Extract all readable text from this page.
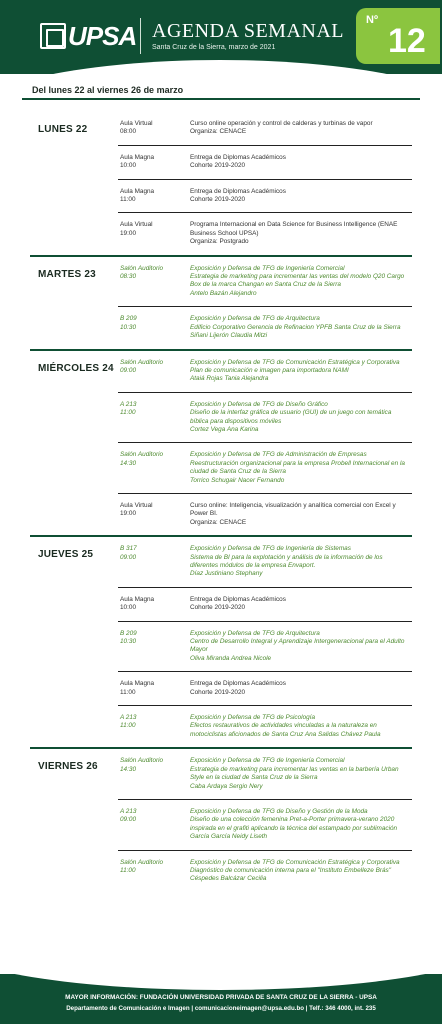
UPSA AGENDA SEMANAL
Santa Cruz de la Sierra, marzo de 2021
Nº
12
Del lunes 22 al viernes 26 de marzo
LUNES 22
Aula Virtual
08:00
Curso online operación y control de calderas y turbinas de vapor
Organiza: CENACE
Aula Magna
10:00
Entrega de Diplomas Académicos
Cohorte 2019-2020
Aula Magna
11:00
Entrega de Diplomas Académicos
Cohorte 2019-2020
Aula Virtual
19:00
Programa Internacional en Data Science for Business Intelligence (ENAE Business School UPSA)
Organiza: Postgrado
MARTES 23
Salón Auditorio
08:30
Exposición y Defensa de TFG de Ingeniería Comercial
Estrategia de marketing para incrementar las ventas del modelo Q20 Cargo Box de la marca Changan en Santa Cruz de la Sierra
Antelo Bazán Alejandro
B 209
10:30
Exposición y Defensa de TFG de Arquitectura
Edificio Corporativo Gerencia de Refinacion YPFB Santa Cruz de la Sierra
Siñani Lijerón Claudia Mitzi
MIÉRCOLES 24
Salón Auditorio
09:00
Exposición y Defensa de TFG de Comunicación Estratégica y Corporativa
Plan de comunicación e imagen para importadora NAMI
Ataiá Rojas Tania Alejandra
A 213
11:00
Exposición y Defensa de TFG de Diseño Gráfico
Diseño de la interfaz gráfica de usuario (GUI) de un juego con temática bíblica para dispositivos móviles
Cortez Vega Ana Karina
Salón Auditorio
14:30
Exposición y Defensa de TFG de Administración de Empresas
Reestructuración organizacional para la empresa Probell Internacional en la ciudad de Santa Cruz de la Sierra
Torrico Schugair Nacer Fernando
Aula Virtual
19:00
Curso online: Inteligencia, visualización y analítica comercial con Excel y Power BI.
Organiza: CENACE
JUEVES 25
B 317
09:00
Exposición y Defensa de TFG de Ingeniería de Sistemas
Sistema de BI para la explotación y análisis de la información de los diferentes módulos de la empresa Envaport.
Díaz Justiniano Stephany
Aula Magna
10:00
Entrega de Diplomas Académicos
Cohorte 2019-2020
B 209
10:30
Exposición y Defensa de TFG de Arquitectura
Centro de Desarrollo Integral y Aprendizaje Intergeneracional para el Adulto Mayor
Oliva Miranda Andrea Nicole
Aula Magna
11:00
Entrega de Diplomas Académicos
Cohorte 2019-2020
A 213
11:00
Exposición y Defensa de TFG de Psicología
Efectos restaurativos de actividades vinculadas a la naturaleza en motociclistas aficionados de Santa Cruz Ana Salidas Chávez Paula
VIERNES 26
Salón Auditorio
14:30
Exposición y Defensa de TFG de Ingeniería Comercial
Estrategia de marketing para incrementar las ventas en la barbería Urban Style en la ciudad de Santa Cruz de la Sierra
Caba Ardaya Sergio Nery
A 213
09:00
Exposición y Defensa de TFG de Diseño y Gestión de la Moda
Diseño de una colección femenina Pret-a-Porter primavera-verano 2020 inspirada en el grafiti aplicando la técnica del estampado por sublimación
García García Neidy Liseth
Salón Auditorio
11:00
Exposición y Defensa de TFG de Comunicación Estratégica y Corporativa
Diagnóstico de comunicación interna para el "Instituto Embelleze Brás"
Céspedes Balcázar Cecilia
MAYOR INFORMACIÓN: FUNDACIÓN UNIVERSIDAD PRIVADA DE SANTA CRUZ DE LA SIERRA - UPSA
Departamento de Comunicación e Imagen | comunicacioneimagen@upsa.edu.bo | Telf.: 346 4000, int. 235
